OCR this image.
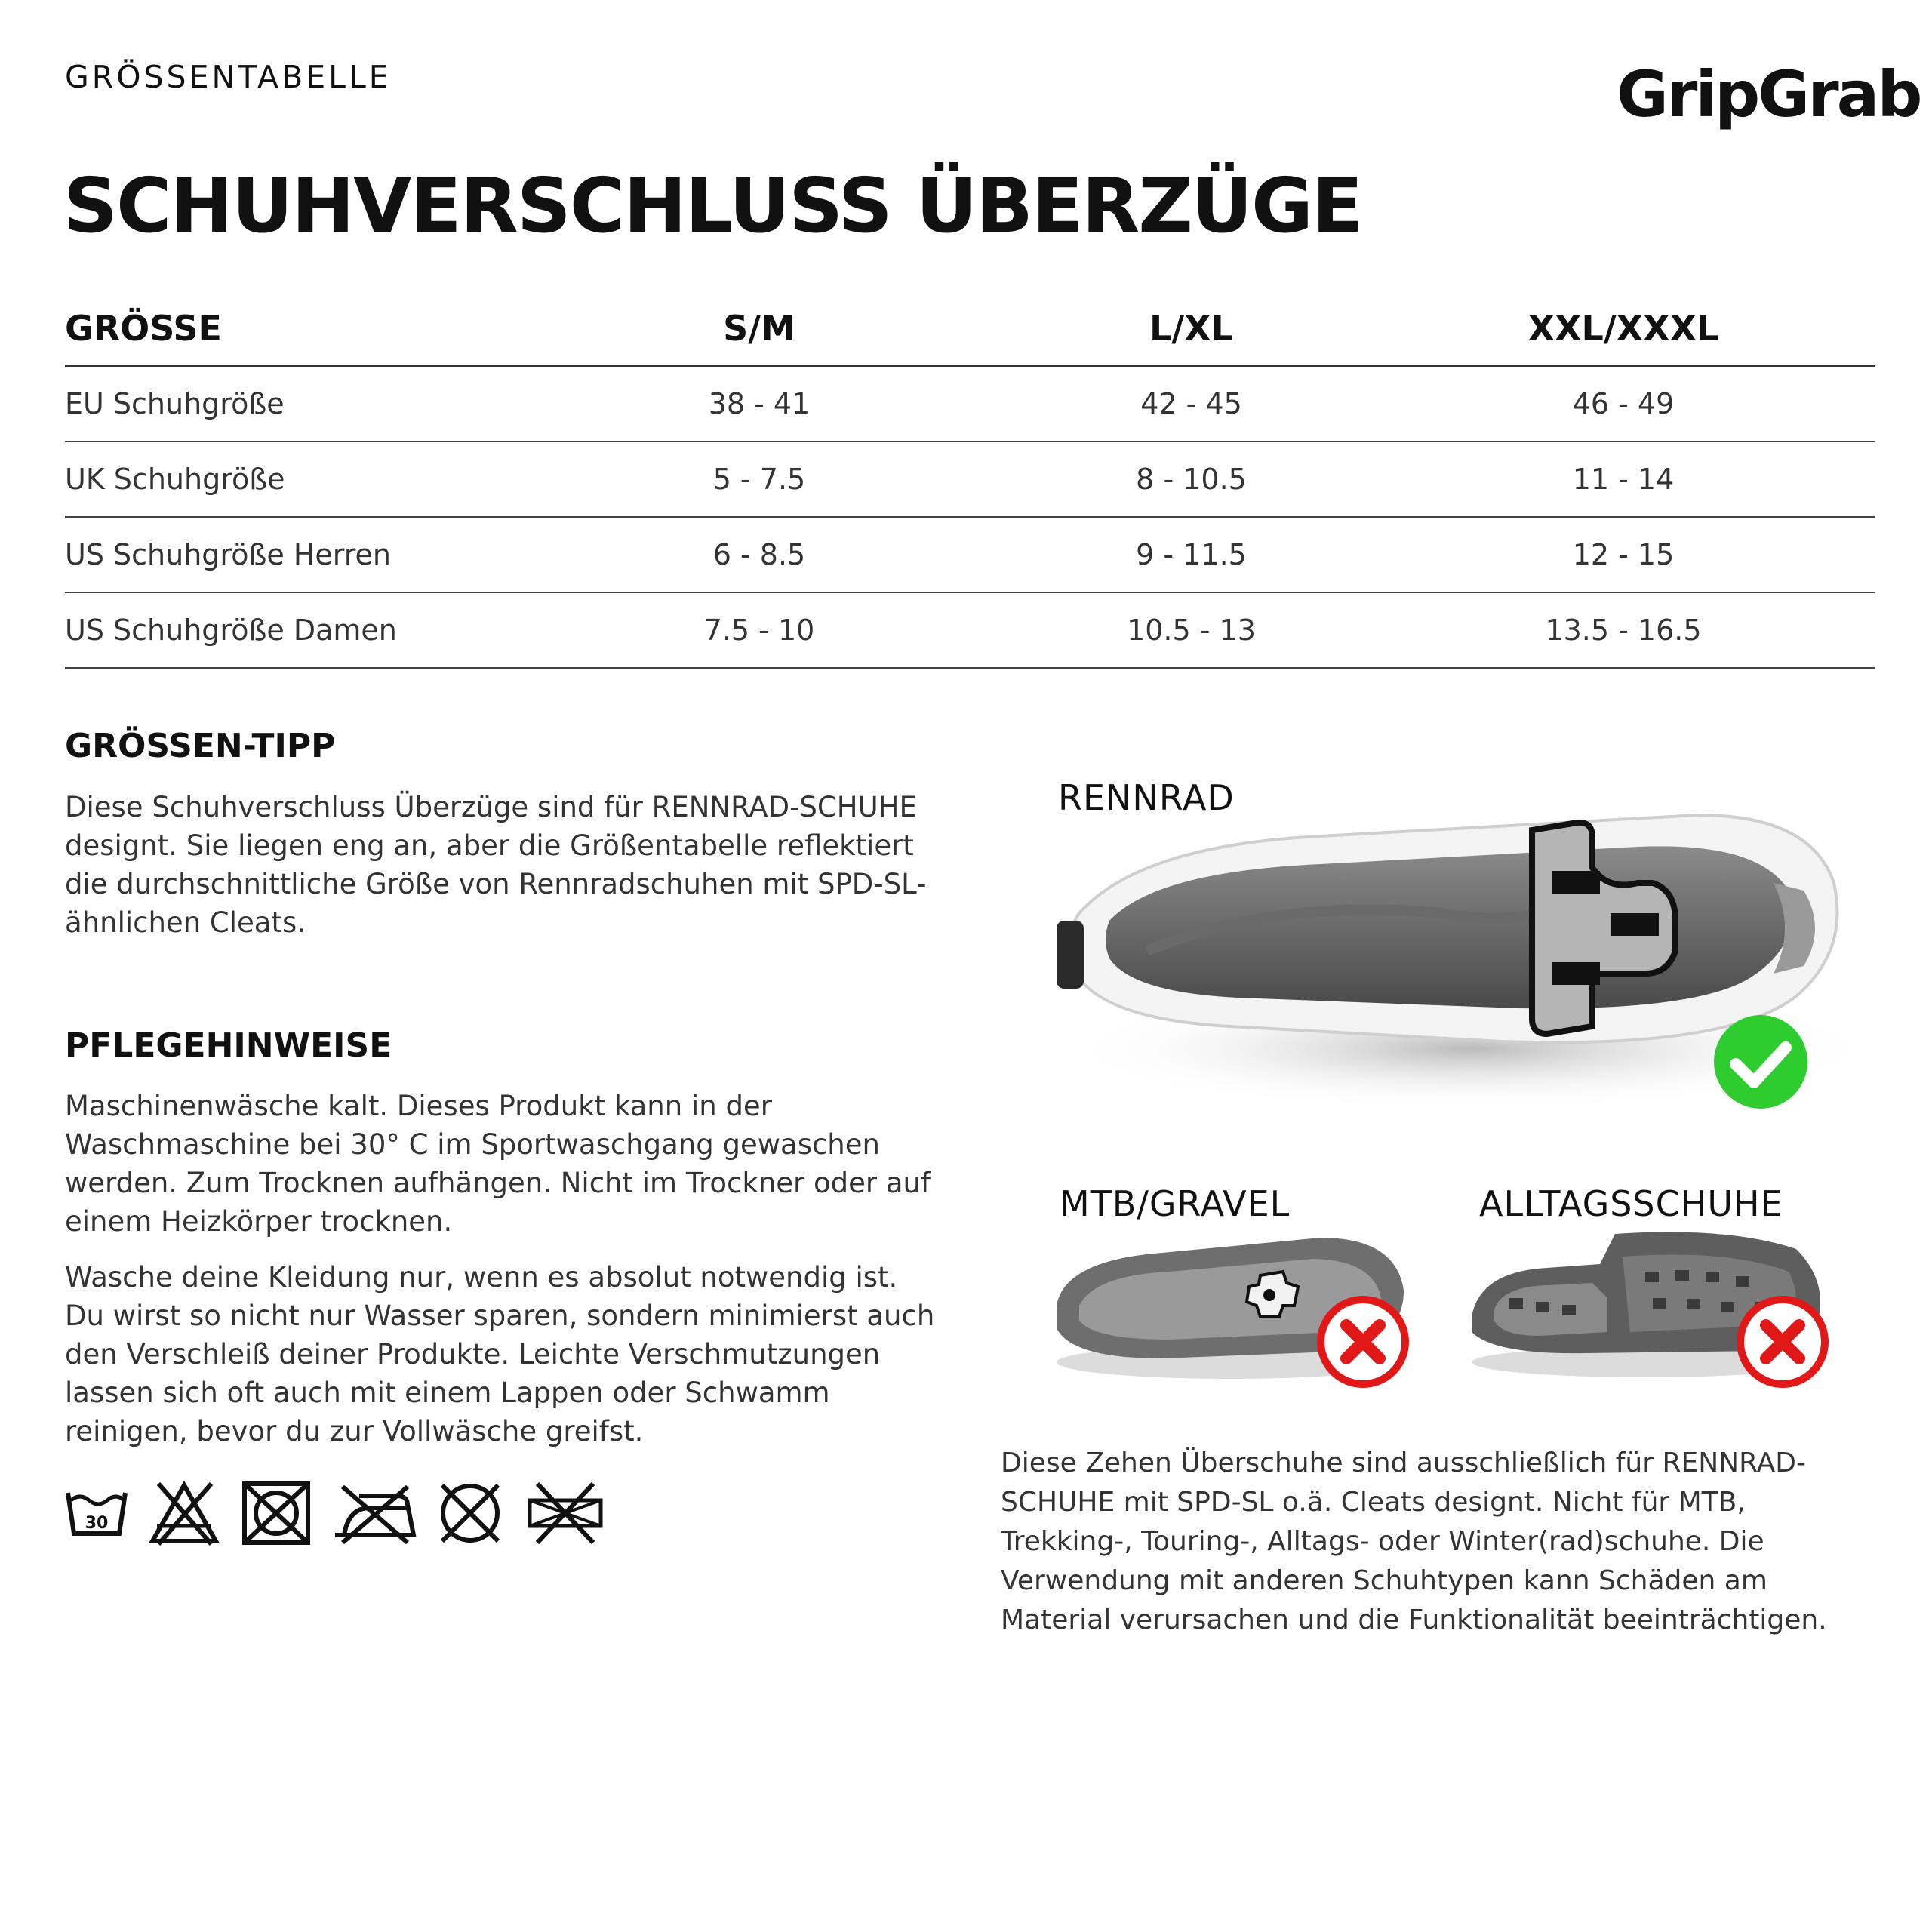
GRÖSSENTABELLE	GripGrab
SCHUHVERSCHLUSS ÜBERZÜGE
GRÖSSE	S/M	L/XL	XXL/XXXL	
EU Schuhgröße	38 - 41	42 - 45	46 - 49	
UK Schuhgröße	5 - 7.5	8 - 10.5	11 - 14	
US Schuhgröße Herren	6 - 8.5	9 - 11.5	12 - 15	
US Schuhgröße Damen	7.5 - 10	10.5 - 13	13.5 - 16.5	
GRÖSSEN-TIPP
Diese Schuhverschluss Überzüge sind für RENNRAD-SCHUHE
designt. Sie liegen eng an, aber die Größentabelle reflektiert
die durchschnittliche Größe von Rennradschuhen mit SPD-SL-
ähnlichen Cleats.
PFLEGEHINWEISE
Maschinenwäsche kalt. Dieses Produkt kann in der
Waschmaschine bei 30° C im Sportwaschgang gewaschen
werden. Zum Trocknen aufhängen. Nicht im Trockner oder auf
einem Heizkörper trocknen.
Wasche deine Kleidung nur, wenn es absolut notwendig ist.
Du wirst so nicht nur Wasser sparen, sondern minimierst auch
den Verschleiß deiner Produkte. Leichte Verschmutzungen
lassen sich oft auch mit einem Lappen oder Schwamm
reinigen, bevor du zur Vollwäsche greifst.
30
RENNRAD
MTB/GRAVEL	ALLTAGSSCHUHE
Diese Zehen Überschuhe sind ausschließlich für RENNRAD-
SCHUHE mit SPD-SL o.ä. Cleats designt. Nicht für MTB,
Trekking-, Touring-, Alltags- oder Winter(rad)schuhe. Die
Verwendung mit anderen Schuhtypen kann Schäden am
Material verursachen und die Funktionalität beeinträchtigen.
